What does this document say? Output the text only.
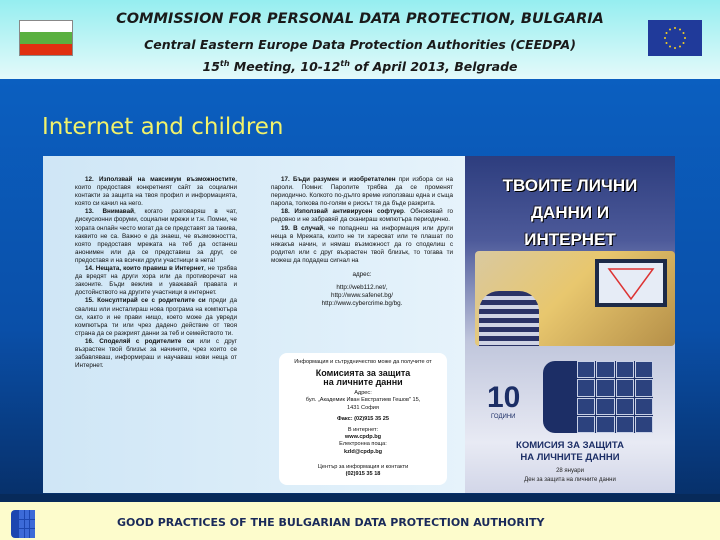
COMMISSION FOR PERSONAL DATA PROTECTION, BULGARIA
Central Eastern Europe Data Protection Authorities (CEEDPA)
15th Meeting, 10-12th of April 2013, Belgrade
Internet and children

12. Използвай на максимум възможностите, които предоставя конкретният сайт за социални контакти за защита на твоя профил и информацията, която си качил на него.

13. Внимавай, когато разговаряш в чат, дискусионни форуми, социални мрежи и т.н. Помни, че хората онлайн често могат да се представят за такива, каквито не са. Важно е да знаеш, че възможността, която предоставя мрежата на теб да останеш анонимен или да се представиш за друг, се предоставя и на всички други участници в нета!

14. Нещата, които правиш в Интернет, не трябва да вредят на други хора или да противоречат на законите. Бъди вежлив и уважавай правата и достойнството на другите участници в интернет.

15. Консултирай се с родителите си преди да свалиш или инсталираш нова програма на компютъра си, както и не прави нищо, което може да увреди компютъра ти или чрез дадено действие от твоя страна да се разкрият данни за теб и семейството ти.

16. Споделяй с родителите си или с друг възрастен твой близък за начините, чрез които се забавляваш, информираш и научаваш нови неща от Интернет.

17. Бъди разумен и изобретателен при избора си на пароли. Помни: Паролите трябва да се променят периодично. Колкото по-дълго време използваш една и съща парола, толкова по-голям е рискът тя да бъде разкрита.

18. Използвай антивирусен софтуер. Обновявай го редовно и не забравяй да сканираш компютъра периодично.

19. В случай, че попаднеш на информация или други неща в Мрежата, които не ти харесват или те плашат по някакъв начин, и нямаш възможност да го споделиш с родител или с друг възрастен твой близък, то тогава ти можеш да подадеш сигнал на

адрес:
http://web112.net/,
http://www.safenet.bg/
http://www.cybercrime.bg/bg.
Информация и сътрудничество може да получите от
Комисията за защита
на личните данни
Адрес:
бул. „Академик Иван Евстратиев Гешов" 15,
1431 София
Факс: (02)915 35 25
В интернет:
www.cpdp.bg
Електронна поща:
kzld@cpdp.bg
Център за информация и контакти
(02)915 35 18
ТВОИТЕ ЛИЧНИ
ДАННИ И
ИНТЕРНЕТ
10
ГОДИНИ
КОМИСИЯ ЗА ЗАЩИТА
НА ЛИЧНИТЕ ДАННИ
28 януари
Ден за защита на личните данни
GOOD PRACTICES OF THE BULGARIAN DATA PROTECTION AUTHORITY
